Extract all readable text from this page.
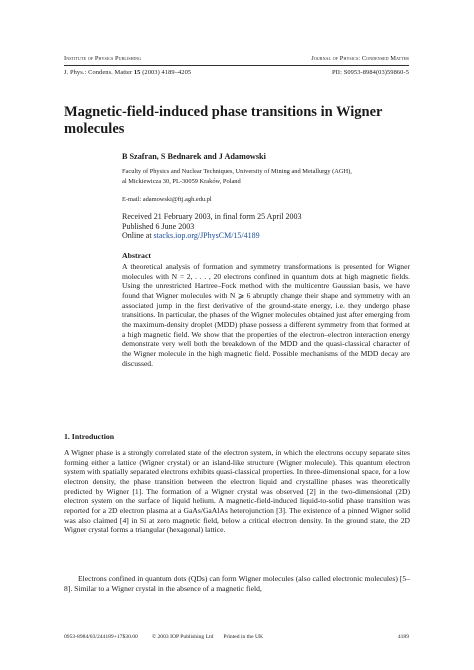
Institute of Physics Publishing	Journal of Physics: Condensed Matter
J. Phys.: Condens. Matter 15 (2003) 4189–4205	PII: S0953-8984(03)59860-5
Magnetic-field-induced phase transitions in Wigner molecules
B Szafran, S Bednarek and J Adamowski
Faculty of Physics and Nuclear Techniques, University of Mining and Metallurgy (AGH),
al Mickiewicza 30, PL-30059 Kraków, Poland
E-mail: adamowski@ftj.agh.edu.pl
Received 21 February 2003, in final form 25 April 2003
Published 6 June 2003
Online at stacks.iop.org/JPhysCM/15/4189
Abstract
A theoretical analysis of formation and symmetry transformations is presented for Wigner molecules with N = 2, . . . , 20 electrons confined in quantum dots at high magnetic fields. Using the unrestricted Hartree–Fock method with the multicentre Gaussian basis, we have found that Wigner molecules with N ⩾ 6 abruptly change their shape and symmetry with an associated jump in the first derivative of the ground-state energy, i.e. they undergo phase transitions. In particular, the phases of the Wigner molecules obtained just after emerging from the maximum-density droplet (MDD) phase possess a different symmetry from that formed at a high magnetic field. We show that the properties of the electron–electron interaction energy demonstrate very well both the breakdown of the MDD and the quasi-classical character of the Wigner molecule in the high magnetic field. Possible mechanisms of the MDD decay are discussed.
1. Introduction

A Wigner phase is a strongly correlated state of the electron system, in which the electrons occupy separate sites forming either a lattice (Wigner crystal) or an island-like structure (Wigner molecule). This quantum electron system with spatially separated electrons exhibits quasi-classical properties. In three-dimensional space, for a low electron density, the phase transition between the electron liquid and crystalline phases was theoretically predicted by Wigner [1]. The formation of a Wigner crystal was observed [2] in the two-dimensional (2D) electron system on the surface of liquid helium. A magnetic-field-induced liquid-to-solid phase transition was reported for a 2D electron plasma at a GaAs/GaAlAs heterojunction [3]. The existence of a pinned Wigner solid was also claimed [4] in Si at zero magnetic field, below a critical electron density. In the ground state, the 2D Wigner crystal forms a triangular (hexagonal) lattice.

Electrons confined in quantum dots (QDs) can form Wigner molecules (also called electronic molecules) [5–8]. Similar to a Wigner crystal in the absence of a magnetic field,

0953-8984/03/244189+17$30.00	© 2003 IOP Publishing Ltd Printed in the UK	4189
